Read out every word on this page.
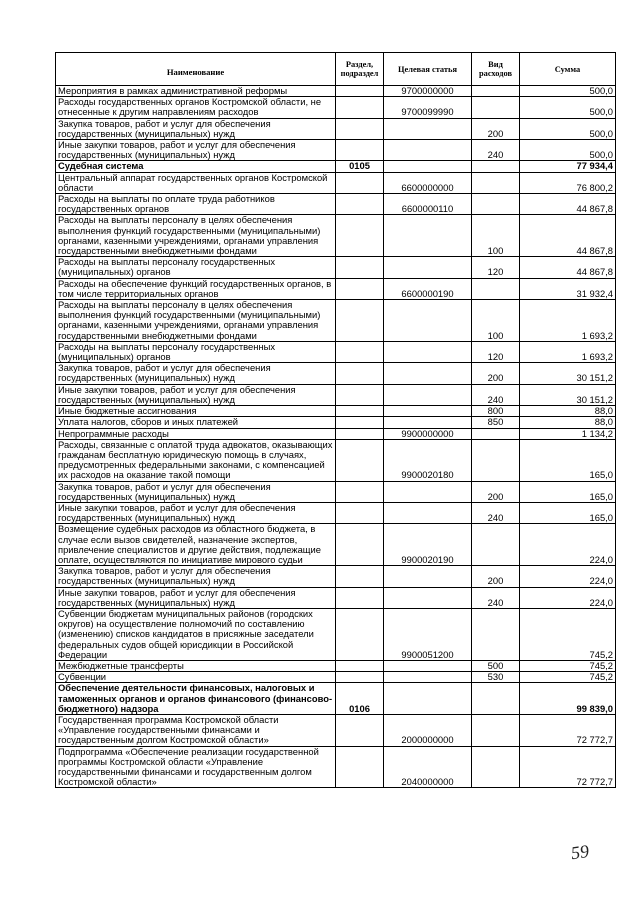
Наименование	Раздел, подраздел	Целевая статья	Вид расходов	Сумма
Мероприятия в рамках административной реформы		9700000000		500,0
Расходы государственных органов Костромской области, не отнесенные к другим направлениям расходов		9700099990		500,0
Закупка товаров, работ и услуг для обеспечения государственных (муниципальных) нужд			200	500,0
Иные закупки товаров, работ и услуг для обеспечения государственных (муниципальных) нужд			240	500,0
Судебная система	0105			77 934,4
Центральный аппарат государственных органов Костромской области		6600000000		76 800,2
Расходы на выплаты по оплате труда работников государственных органов		6600000110		44 867,8
Расходы на выплаты персоналу в целях обеспечения выполнения функций государственными (муниципальными) органами, казенными учреждениями, органами управления государственными внебюджетными фондами			100	44 867,8
Расходы на выплаты персоналу государственных (муниципальных) органов			120	44 867,8
Расходы на обеспечение функций государственных органов, в том числе территориальных органов		6600000190		31 932,4
Расходы на выплаты персоналу в целях обеспечения выполнения функций государственными (муниципальными) органами, казенными учреждениями, органами управления государственными внебюджетными фондами			100	1 693,2
Расходы на выплаты персоналу государственных (муниципальных) органов			120	1 693,2
Закупка товаров, работ и услуг для обеспечения государственных (муниципальных) нужд			200	30 151,2
Иные закупки товаров, работ и услуг для обеспечения государственных (муниципальных) нужд			240	30 151,2
Иные бюджетные ассигнования			800	88,0
Уплата налогов, сборов и иных платежей			850	88,0
Непрограммные расходы		9900000000		1 134,2
Расходы, связанные с оплатой труда адвокатов, оказывающих гражданам бесплатную юридическую помощь в случаях, предусмотренных федеральными законами, с компенсацией их расходов на оказание такой помощи		9900020180		165,0
Закупка товаров, работ и услуг для обеспечения государственных (муниципальных) нужд			200	165,0
Иные закупки товаров, работ и услуг для обеспечения государственных (муниципальных) нужд			240	165,0
Возмещение судебных расходов из областного бюджета, в случае если вызов свидетелей, назначение экспертов, привлечение специалистов и другие действия, подлежащие оплате, осуществляются по инициативе мирового судьи		9900020190		224,0
Закупка товаров, работ и услуг для обеспечения государственных (муниципальных) нужд			200	224,0
Иные закупки товаров, работ и услуг для обеспечения государственных (муниципальных) нужд			240	224,0
Субвенции бюджетам муниципальных районов (городских округов) на осуществление полномочий по составлению (изменению) списков кандидатов в присяжные заседатели федеральных судов общей юрисдикции в Российской Федерации		9900051200		745,2
Межбюджетные трансферты			500	745,2
Субвенции			530	745,2
Обеспечение деятельности финансовых, налоговых и таможенных органов и органов финансового (финансово-бюджетного) надзора	0106			99 839,0
Государственная программа Костромской области «Управление государственными финансами и государственным долгом Костромской области»		2000000000		72 772,7
Подпрограмма «Обеспечение реализации государственной программы Костромской области «Управление государственными финансами и государственным долгом Костромской области»		2040000000		72 772,7
59
